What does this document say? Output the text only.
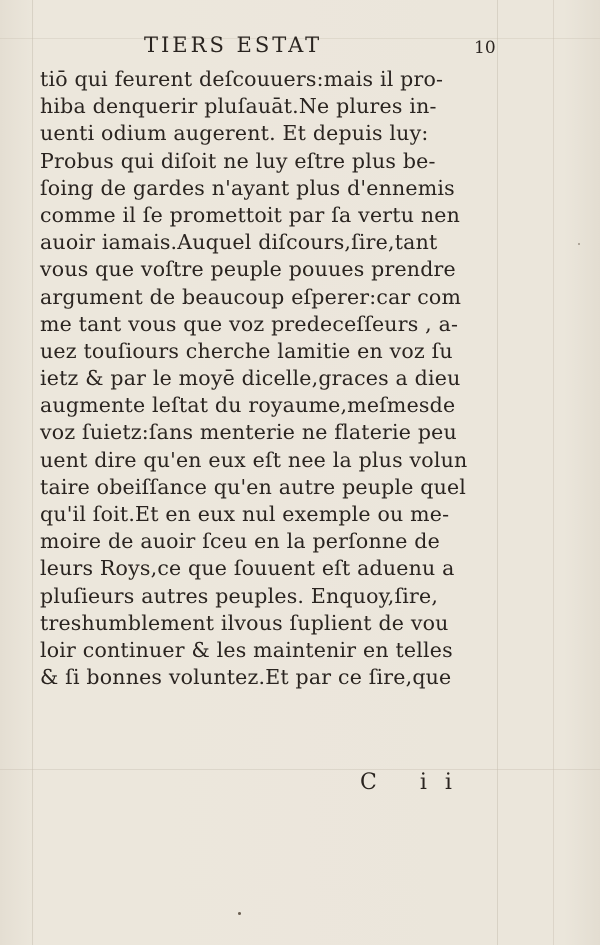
TIERS ESTAT	10
tiō qui feurent deſcouuers:mais il pro-
hiba denquerir pluſauāt.Ne plures in-
uenti odium augerent. Et depuis luy:
Probus qui diſoit ne luy eſtre plus be-
ſoing de gardes n'ayant plus d'ennemis
comme il ſe promettoit par ſa vertu nen
auoir iamais.Auquel diſcours,ſire,tant
vous que voſtre peuple pouues prendre
argument de beaucoup eſperer:car com
me tant vous que voz predeceſſeurs , a-
uez touſiours cherche lamitie en voz ſu
ietz & par le moyē dicelle,graces a dieu
augmente leſtat du royaume,meſmesde
voz ſuietz:ſans menterie ne flaterie peu
uent dire qu'en eux eſt nee la plus volun
taire obeiſſance qu'en autre peuple quel
qu'il ſoit.Et en eux nul exemple ou me-
moire de auoir ſceu en la perſonne de
leurs Roys,ce que ſouuent eſt aduenu a
pluſieurs autres peuples. Enquoy,ſire,
treshumblement ilvous ſuplient de vou
loir continuer & les maintenir en telles
& ſi bonnes voluntez.Et par ce ſire,que
C ii
